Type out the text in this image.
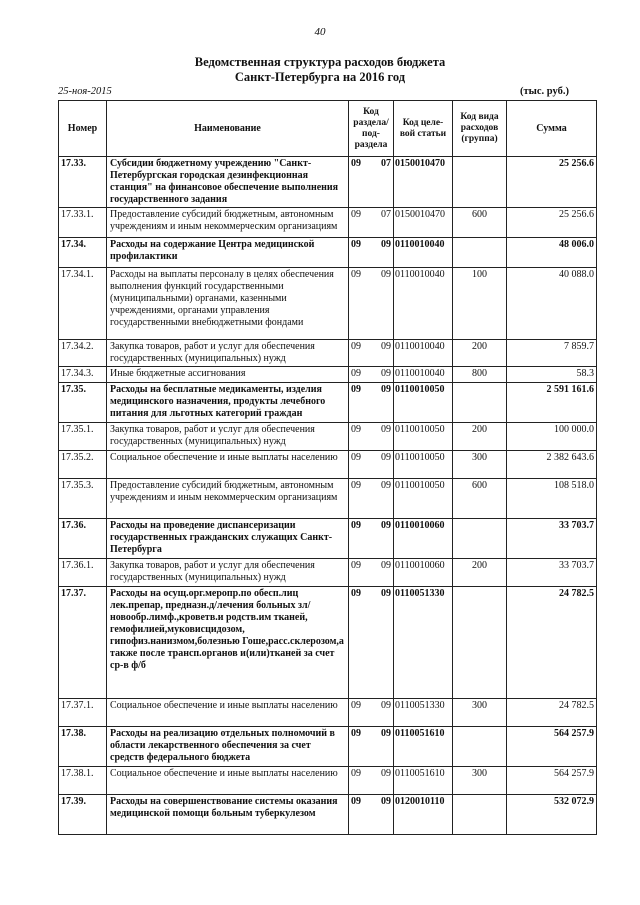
40
Ведомственная структура расходов бюджета
Санкт-Петербурга на 2016 год
25-ноя-2015	(тыс. руб.)
Номер	Наименование	Код раздела/ под- раздела	Код целе- вой статьи	Код вида расходов (группа)	Сумма
17.33.	Субсидии бюджетному учреждению "Санкт-Петербургская городская дезинфекционная станция" на финансовое обеспечение выполнения государственного задания	09 07	0150010470		25 256.6
17.33.1.	Предоставление субсидий бюджетным, автономным учреждениям и иным некоммерческим организациям	09 07	0150010470	600	25 256.6
17.34.	Расходы на содержание Центра медицинской профилактики	09 09	0110010040		48 006.0
17.34.1.	Расходы на выплаты персоналу в целях обеспечения выполнения функций государственными (муниципальными) органами, казенными учреждениями, органами управления государственными внебюджетными фондами	09 09	0110010040	100	40 088.0
17.34.2.	Закупка товаров, работ и услуг для обеспечения государственных (муниципальных) нужд	09 09	0110010040	200	7 859.7
17.34.3.	Иные бюджетные ассигнования	09 09	0110010040	800	58.3
17.35.	Расходы на бесплатные медикаменты, изделия медицинского назначения, продукты лечебного питания для льготных категорий граждан	09 09	0110010050		2 591 161.6
17.35.1.	Закупка товаров, работ и услуг для обеспечения государственных (муниципальных) нужд	09 09	0110010050	200	100 000.0
17.35.2.	Социальное обеспечение и иные выплаты населению	09 09	0110010050	300	2 382 643.6
17.35.3.	Предоставление субсидий бюджетным, автономным учреждениям и иным некоммерческим организациям	09 09	0110010050	600	108 518.0
17.36.	Расходы на проведение диспансеризации государственных гражданских служащих Санкт-Петербурга	09 09	0110010060		33 703.7
17.36.1.	Закупка товаров, работ и услуг для обеспечения государственных (муниципальных) нужд	09 09	0110010060	200	33 703.7
17.37.	Расходы на осущ.орг.меропр.по обесп.лиц лек.препар, предназн.д/лечения больных зл/новообр.лимф.,кроветв.и родств.им тканей, гемофилией,муковисцидозом, гипофиз.нанизмом,болезнью Гоше,расс.склерозом,а также после трансп.органов и(или)тканей за счет ср-в ф/б	09 09	0110051330		24 782.5
17.37.1.	Социальное обеспечение и иные выплаты населению	09 09	0110051330	300	24 782.5
17.38.	Расходы на реализацию отдельных полномочий в области лекарственного обеспечения за счет средств федерального бюджета	09 09	0110051610		564 257.9
17.38.1.	Социальное обеспечение и иные выплаты населению	09 09	0110051610	300	564 257.9
17.39.	Расходы на совершенствование системы оказания медицинской помощи больным туберкулезом	09 09	0120010110		532 072.9
